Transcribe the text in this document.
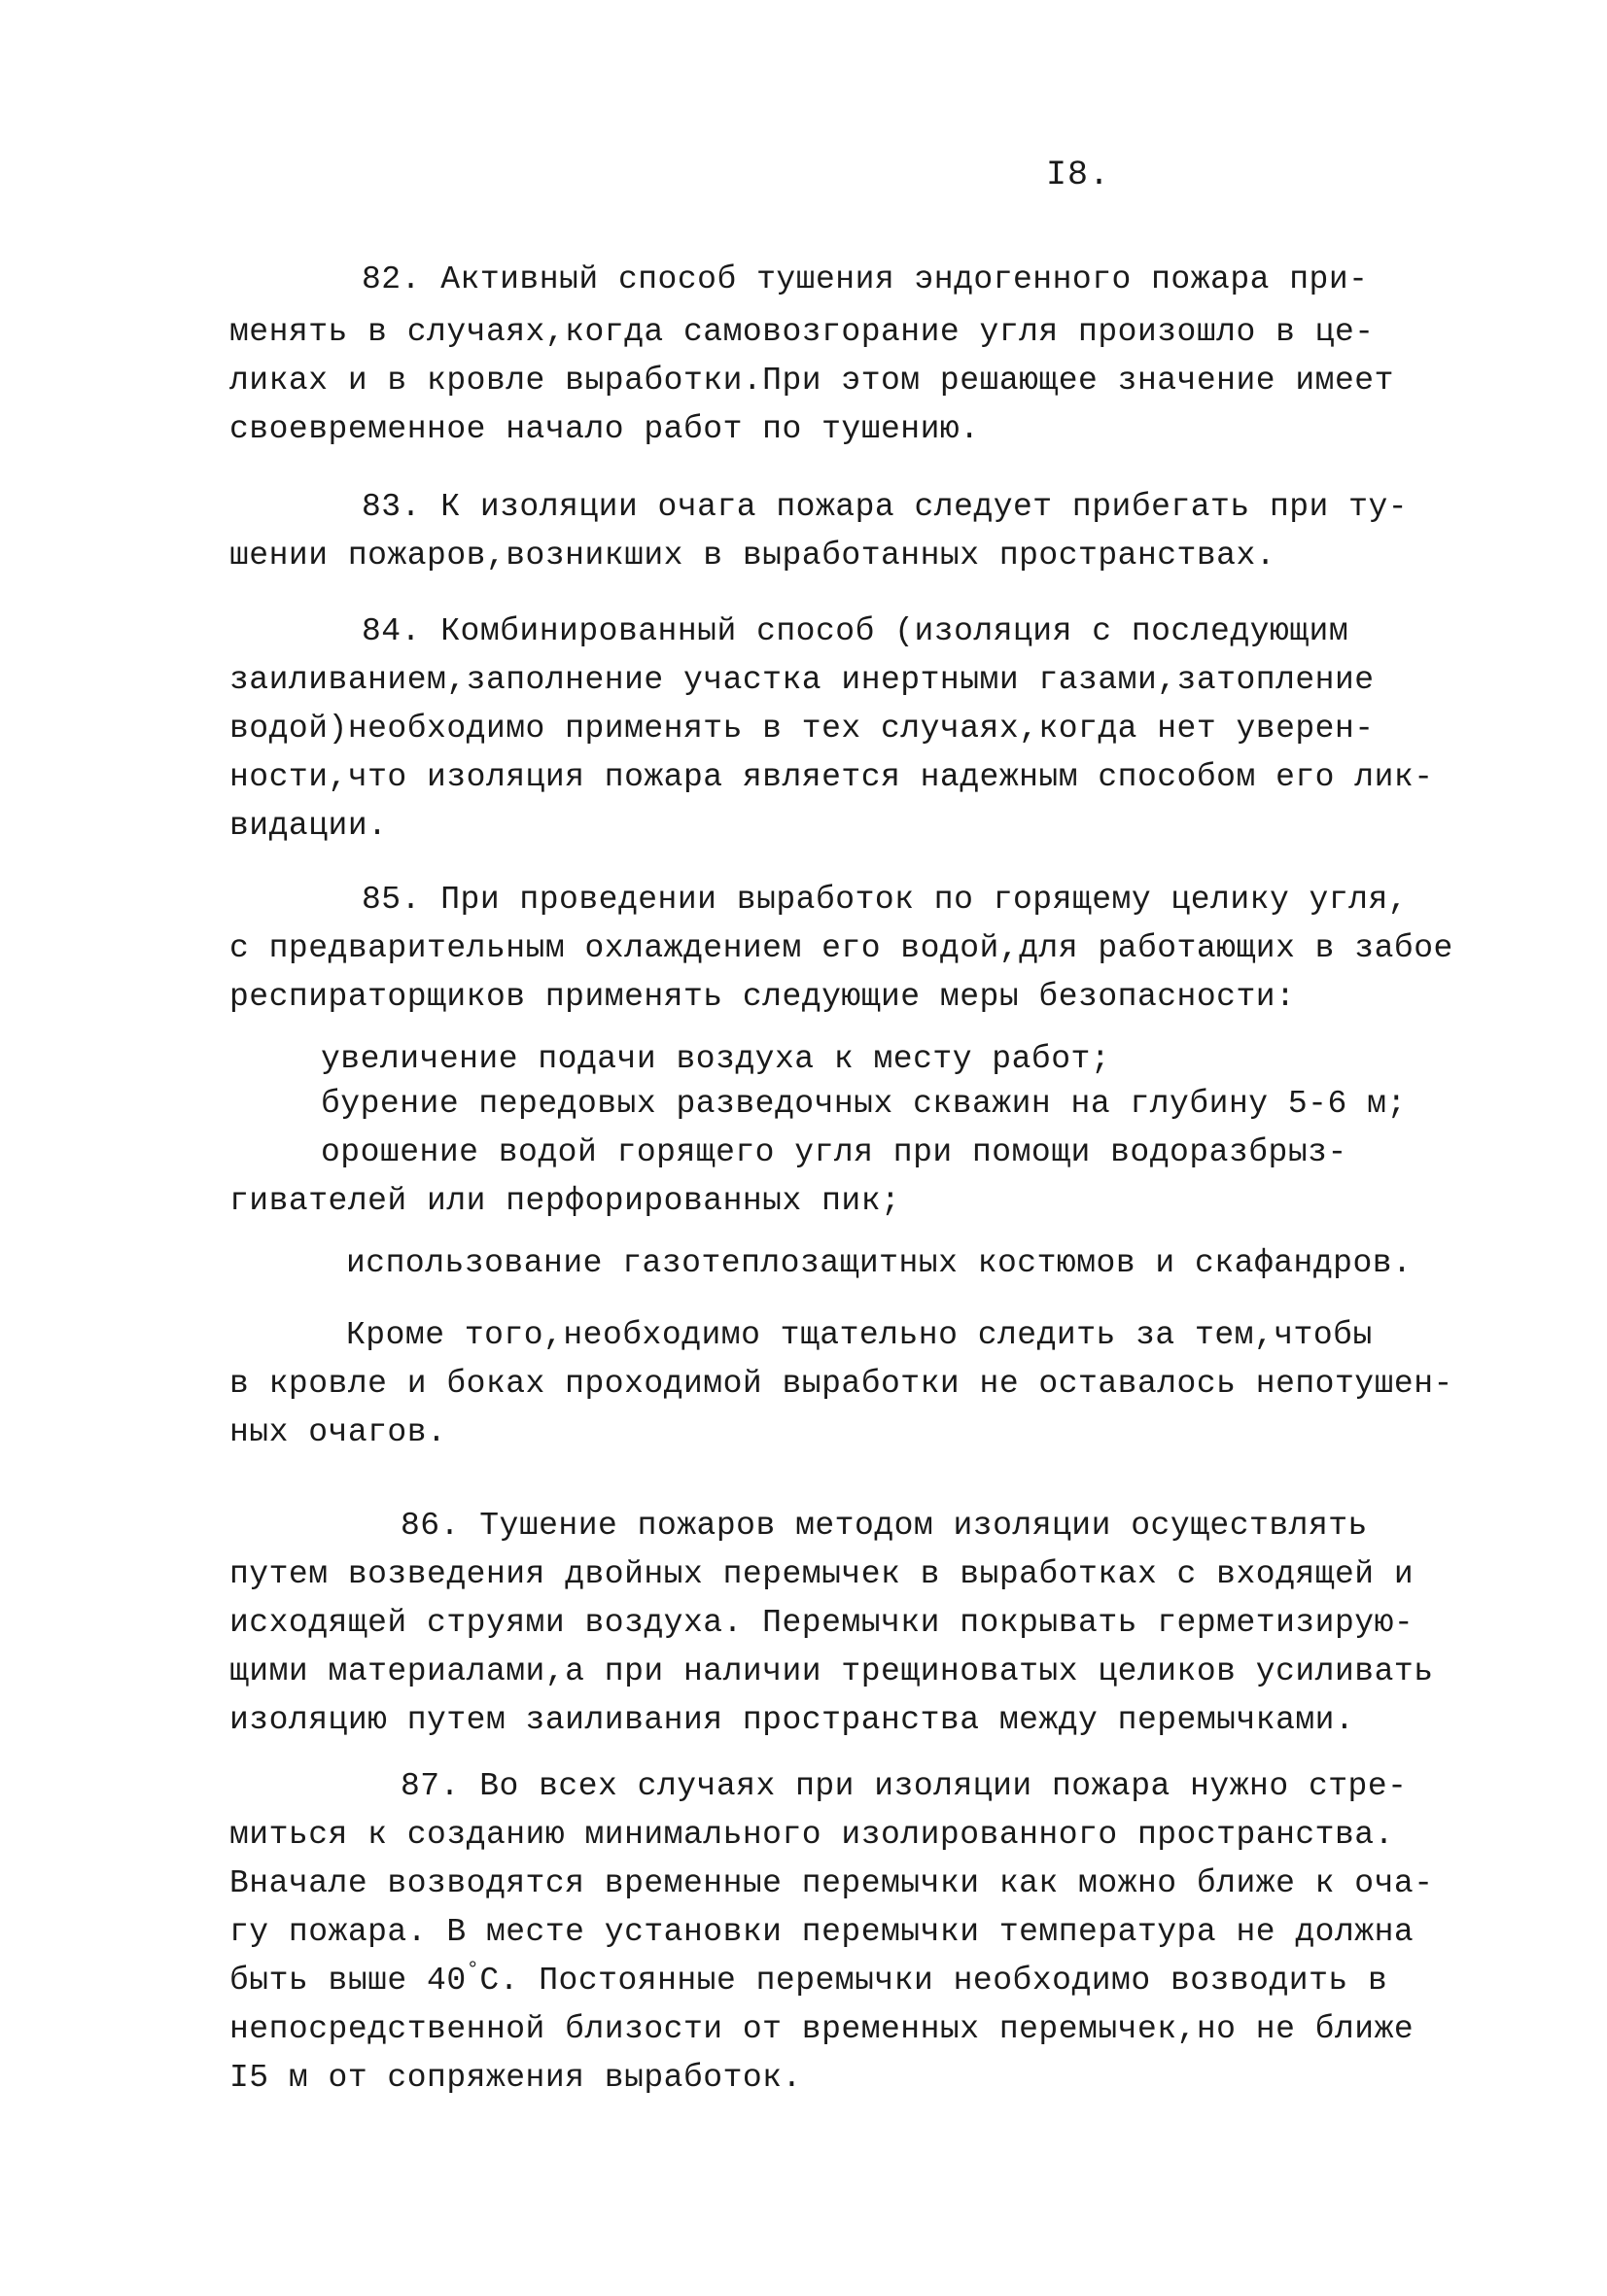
I8.
82. Активный способ тушения эндогенного пожара при-
менять в случаях,когда самовозгорание угля произошло в це-
ликах и в кровле выработки.При этом решающее значение имеет
своевременное начало работ по тушению.
83. К изоляции очага пожара следует прибегать при ту-
шении пожаров,возникших в выработанных пространствах.
84. Комбинированный способ (изоляция с последующим
заиливанием,заполнение участка инертными газами,затопление
водой)необходимо применять в тех случаях,когда нет уверен-
ности,что изоляция пожара является надежным способом его лик-
видации.
85. При проведении выработок по горящему целику угля,
с предварительным охлаждением его водой,для работающих в забое
респираторщиков применять следующие меры безопасности:
увеличение подачи воздуха к месту работ;
бурение передовых разведочных скважин на глубину 5-6 м;
орошение водой горящего угля при помощи водоразбрыз-
гивателей или перфорированных пик;
использование газотеплозащитных костюмов и скафандров.
Кроме того,необходимо тщательно следить за тем,чтобы
в кровле и боках проходимой выработки не оставалось непотушен-
ных очагов.
86. Тушение пожаров методом изоляции осуществлять
путем возведения двойных перемычек в выработках с входящей и
исходящей струями воздуха. Перемычки покрывать герметизирую-
щими материалами,а при наличии трещиноватых целиков усиливать
изоляцию путем заиливания пространства между перемычками.
87. Во всех случаях при изоляции пожара нужно стре-
миться к созданию минимального изолированного пространства.
Вначале возводятся временные перемычки как можно ближе к оча-
гу пожара. В месте установки перемычки температура не должна
быть выше 40°С. Постоянные перемычки необходимо возводить в
непосредственной близости от временных перемычек,но не ближе
I5 м от сопряжения выработок.
